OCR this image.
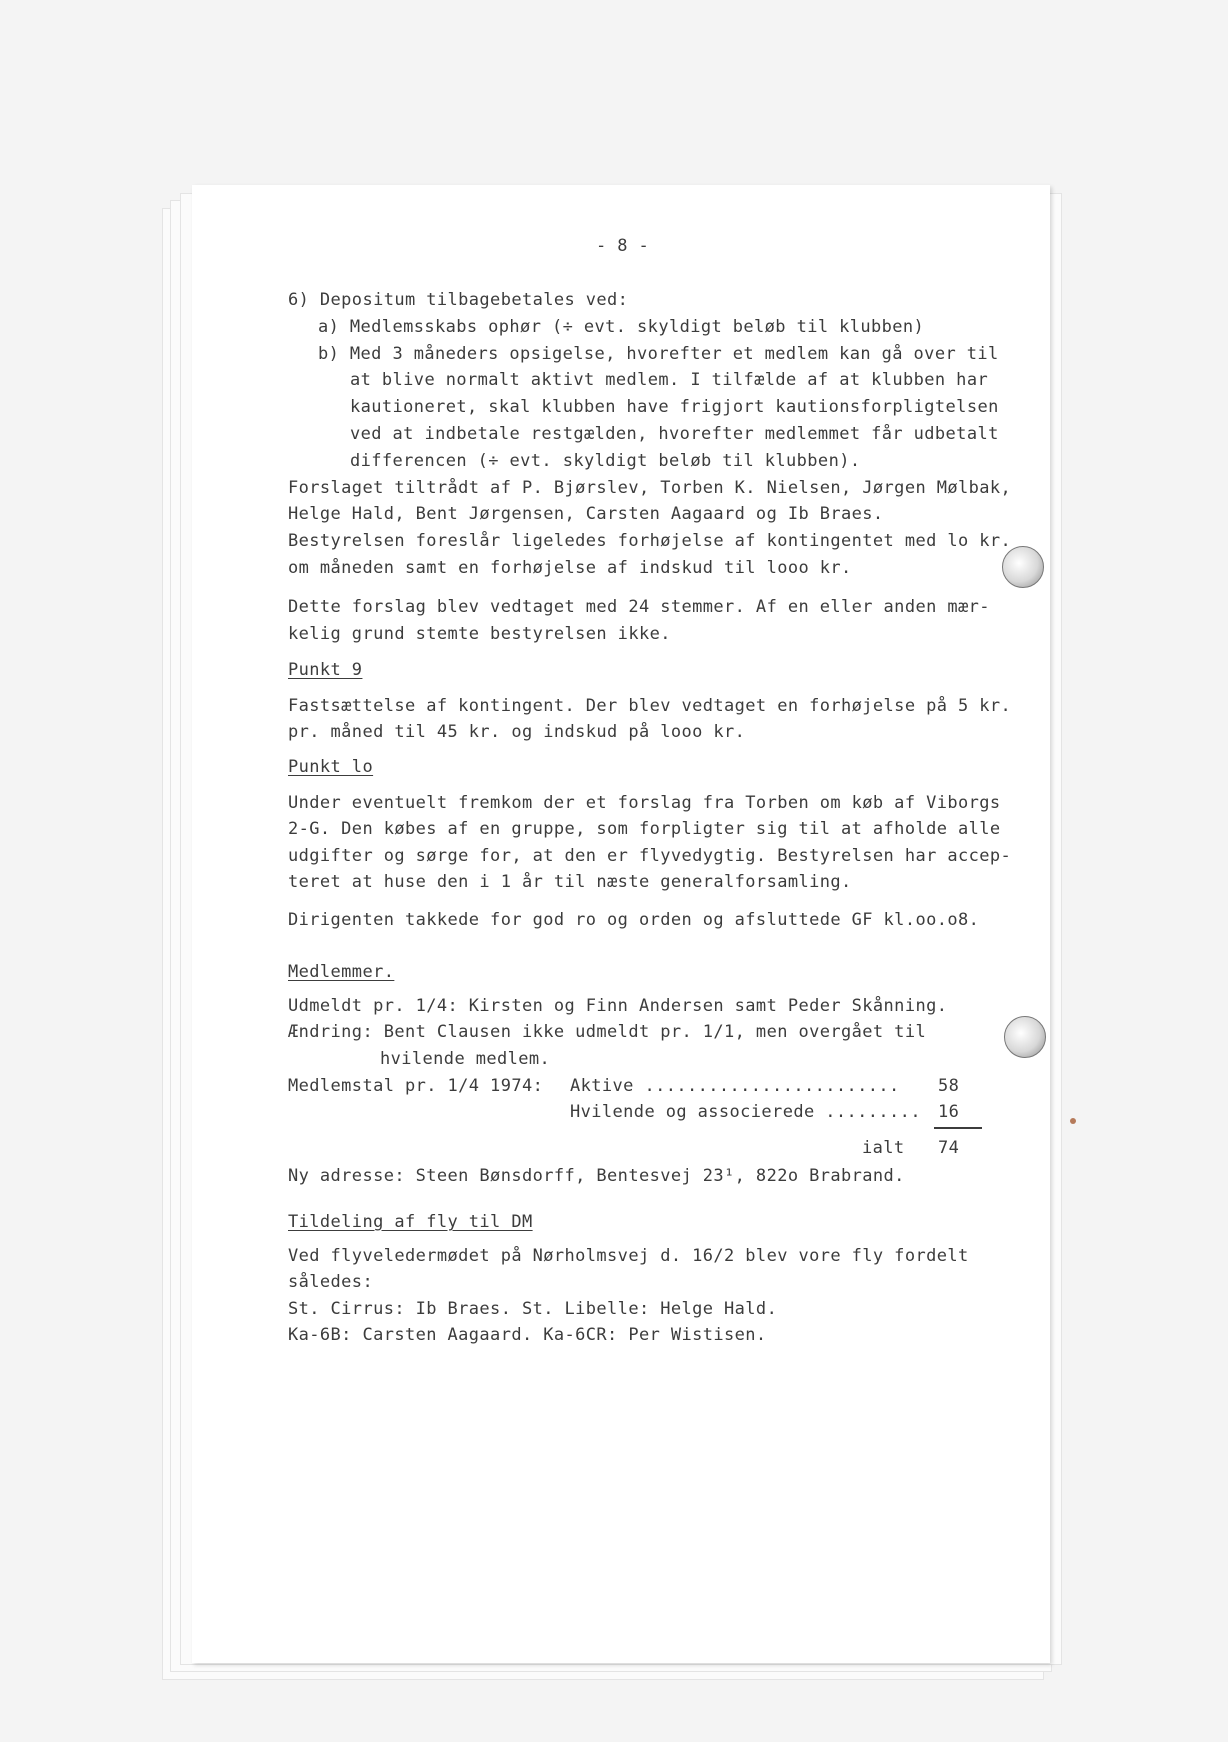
- 8 -
6) Depositum tilbagebetales ved:
a) Medlemsskabs ophør (÷ evt. skyldigt beløb til klubben)
b) Med 3 måneders opsigelse, hvorefter et medlem kan gå over til
at blive normalt aktivt medlem. I tilfælde af at klubben har
kautioneret, skal klubben have frigjort kautionsforpligtelsen
ved at indbetale restgælden, hvorefter medlemmet får udbetalt
differencen (÷ evt. skyldigt beløb til klubben).
Forslaget tiltrådt af P. Bjørslev, Torben K. Nielsen, Jørgen Mølbak,
Helge Hald, Bent Jørgensen, Carsten Aagaard og Ib Braes.
Bestyrelsen foreslår ligeledes forhøjelse af kontingentet med lo kr.
om måneden samt en forhøjelse af indskud til looo kr.
Dette forslag blev vedtaget med 24 stemmer. Af en eller anden mær-
kelig grund stemte bestyrelsen ikke.
Punkt 9
Fastsættelse af kontingent. Der blev vedtaget en forhøjelse på 5 kr.
pr. måned til 45 kr. og indskud på looo kr.
Punkt lo
Under eventuelt fremkom der et forslag fra Torben om køb af Viborgs
2-G. Den købes af en gruppe, som forpligter sig til at afholde alle
udgifter og sørge for, at den er flyvedygtig. Bestyrelsen har accep-
teret at huse den i 1 år til næste generalforsamling.
Dirigenten takkede for god ro og orden og afsluttede GF kl.oo.o8.
Medlemmer.
Udmeldt pr. 1/4: Kirsten og Finn Andersen samt Peder Skånning.
Ændring: Bent Clausen ikke udmeldt pr. 1/1, men overgået til
hvilende medlem.
Medlemstal pr. 1/4 1974: Aktive ........................ 58
Hvilende og associerede ......... 16
ialt 74
Ny adresse: Steen Bønsdorff, Bentesvej 23¹, 822o Brabrand.
Tildeling af fly til DM
Ved flyveledermødet på Nørholmsvej d. 16/2 blev vore fly fordelt
således:
St. Cirrus: Ib Braes. St. Libelle: Helge Hald.
Ka-6B: Carsten Aagaard. Ka-6CR: Per Wistisen.
